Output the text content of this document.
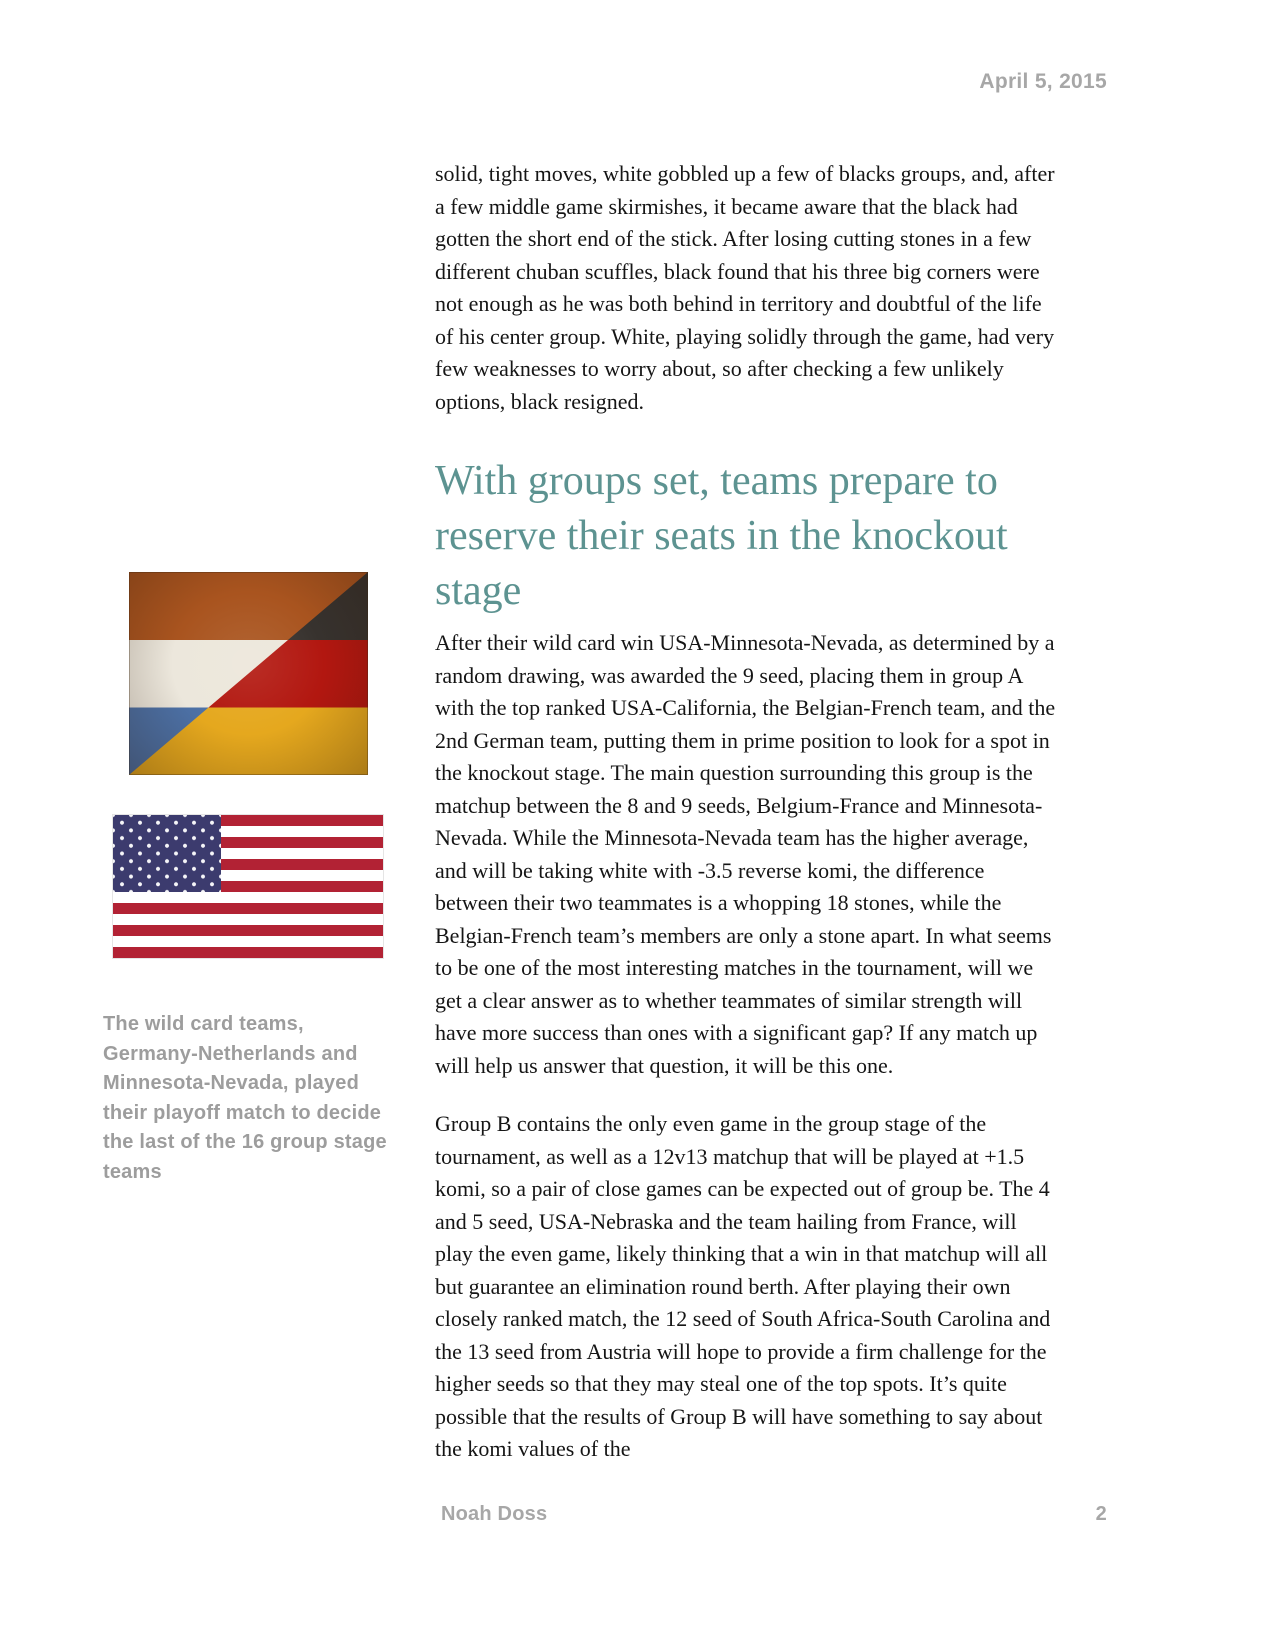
April 5, 2015
The wild card teams, Germany-Netherlands and Minnesota-Nevada, played their playoff match to decide the last of the 16 group stage teams

solid, tight moves, white gobbled up a few of blacks groups, and, after a few middle game skirmishes, it became aware that the black had gotten the short end of the stick. After losing cutting stones in a few different chuban scuffles, black found that his three big corners were not enough as he was both behind in territory and doubtful of the life of his center group. White, playing solidly through the game, had very few weaknesses to worry about, so after checking a few unlikely options, black resigned.

With groups set, teams prepare to reserve their seats in the knockout stage

After their wild card win USA-Minnesota-Nevada, as determined by a random drawing, was awarded the 9 seed, placing them in group A with the top ranked USA-California, the Belgian-French team, and the 2nd German team, putting them in prime position to look for a spot in the knockout stage. The main question surrounding this group is the matchup between the 8 and 9 seeds, Belgium-France and Minnesota-Nevada. While the Minnesota-Nevada team has the higher average, and will be taking white with -3.5 reverse komi, the difference between their two teammates is a whopping 18 stones, while the Belgian-French team’s members are only a stone apart. In what seems to be one of the most interesting matches in the tournament, will we get a clear answer as to whether teammates of similar strength will have more success than ones with a significant gap? If any match up will help us answer that question, it will be this one.

Group B contains the only even game in the group stage of the tournament, as well as a 12v13 matchup that will be played at +1.5 komi, so a pair of close games can be expected out of group be. The 4 and 5 seed, USA-Nebraska and the team hailing from France, will play the even game, likely thinking that a win in that matchup will all but guarantee an elimination round berth. After playing their own closely ranked match, the 12 seed of South Africa-South Carolina and the 13 seed from Austria will hope to provide a firm challenge for the higher seeds so that they may steal one of the top spots. It’s quite possible that the results of Group B will have something to say about the komi values of the

Noah Doss	2
